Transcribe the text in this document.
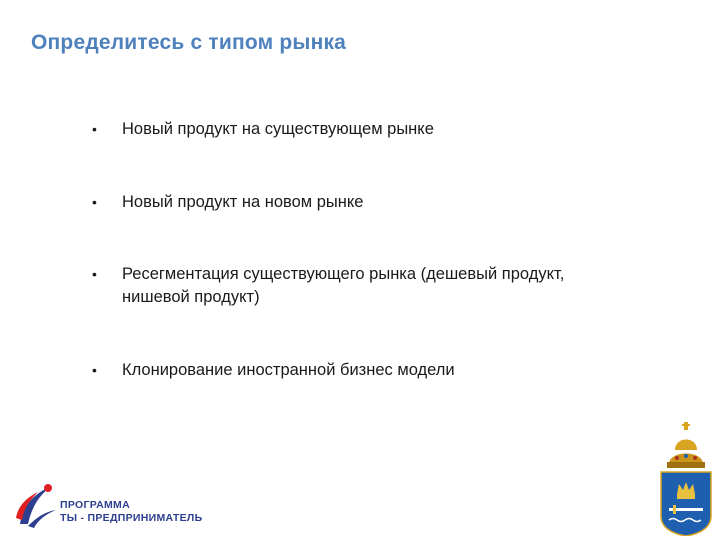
Определитесь с типом рынка
•	Новый продукт на существующем рынке
•	Новый продукт на новом рынке
•	Ресегментация существующего рынка (дешевый продукт, нишевой продукт)
•	Клонирование иностранной бизнес модели
ПРОГРАММА
ТЫ - ПРЕДПРИНИМАТЕЛЬ
